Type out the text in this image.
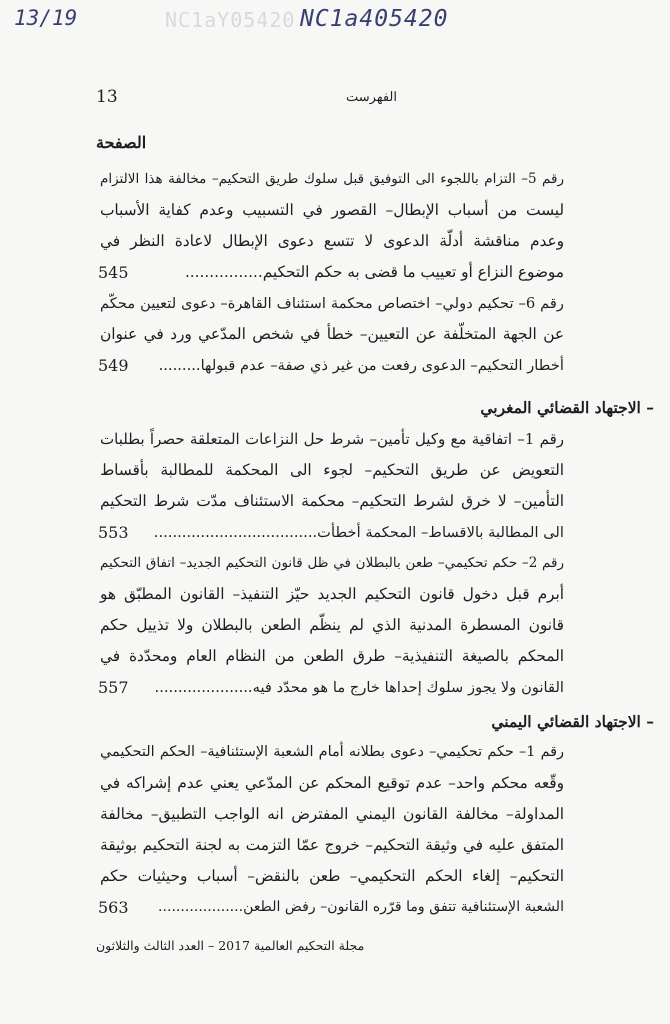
13/19	NC1aY05420 NC1a405420
13	الفهرست
الصفحة
رقم 5– التزام باللجوء الى التوفيق قبل سلوك طريق التحكيم– مخالفة هذا الالتزام
ليست من أسباب الإبطال– القصور في التسبيب وعدم كفاية الأسباب
وعدم مناقشة أدلّة الدعوى لا تتسع دعوى الإبطال لاعادة النظر في
موضوع النزاع أو تعييب ما قضى به حكم التحكيم................
545
رقم 6– تحكيم دولي– اختصاص محكمة استئناف القاهرة– دعوى لتعيين محكّم
عن الجهة المتخلّفة عن التعيين– خطأ في شخص المدّعي ورد في عنوان
أخطار التحكيم– الدعوى رفعت من غير ذي صفة– عدم قبولها.........
549
– الاجتهاد القضائي المغربي
رقم 1– اتفاقية مع وكيل تأمين– شرط حل النزاعات المتعلقة حصراً بطلبات
التعويض عن طريق التحكيم– لجوء الى المحكمة للمطالبة بأقساط
التأمين– لا خرق لشرط التحكيم– محكمة الاستئناف مدّت شرط التحكيم
الى المطالبة بالاقساط– المحكمة أخطأت...................................
553
رقم 2– حكم تحكيمي– طعن بالبطلان في ظل قانون التحكيم الجديد– اتفاق التحكيم
أبرم قبل دخول قانون التحكيم الجديد حيّز التنفيذ– القانون المطبّق هو
قانون المسطرة المدنية الذي لم ينظّم الطعن بالبطلان ولا تذييل حكم
المحكم بالصيغة التنفيذية– طرق الطعن من النظام العام ومحدّدة في
القانون ولا يجوز سلوك إحداها خارج ما هو محدّد فيه.....................
557
– الاجتهاد القضائي اليمني
رقم 1– حكم تحكيمي– دعوى بطلانه أمام الشعبة الإستئنافية– الحكم التحكيمي
وقّعه محكم واحد– عدم توقيع المحكم عن المدّعي يعني عدم إشراكه في
المداولة– مخالفة القانون اليمني المفترض انه الواجب التطبيق– مخالفة
المتفق عليه في وثيقة التحكيم– خروج عمّا التزمت به لجنة التحكيم بوثيقة
التحكيم– إلغاء الحكم التحكيمي– طعن بالنقض– أسباب وحيثيات حكم
الشعبة الإستئنافية تتفق وما قرّره القانون– رفض الطعن...................
563
مجلة التحكيم العالمية 2017 – العدد الثالث والثلاثون
